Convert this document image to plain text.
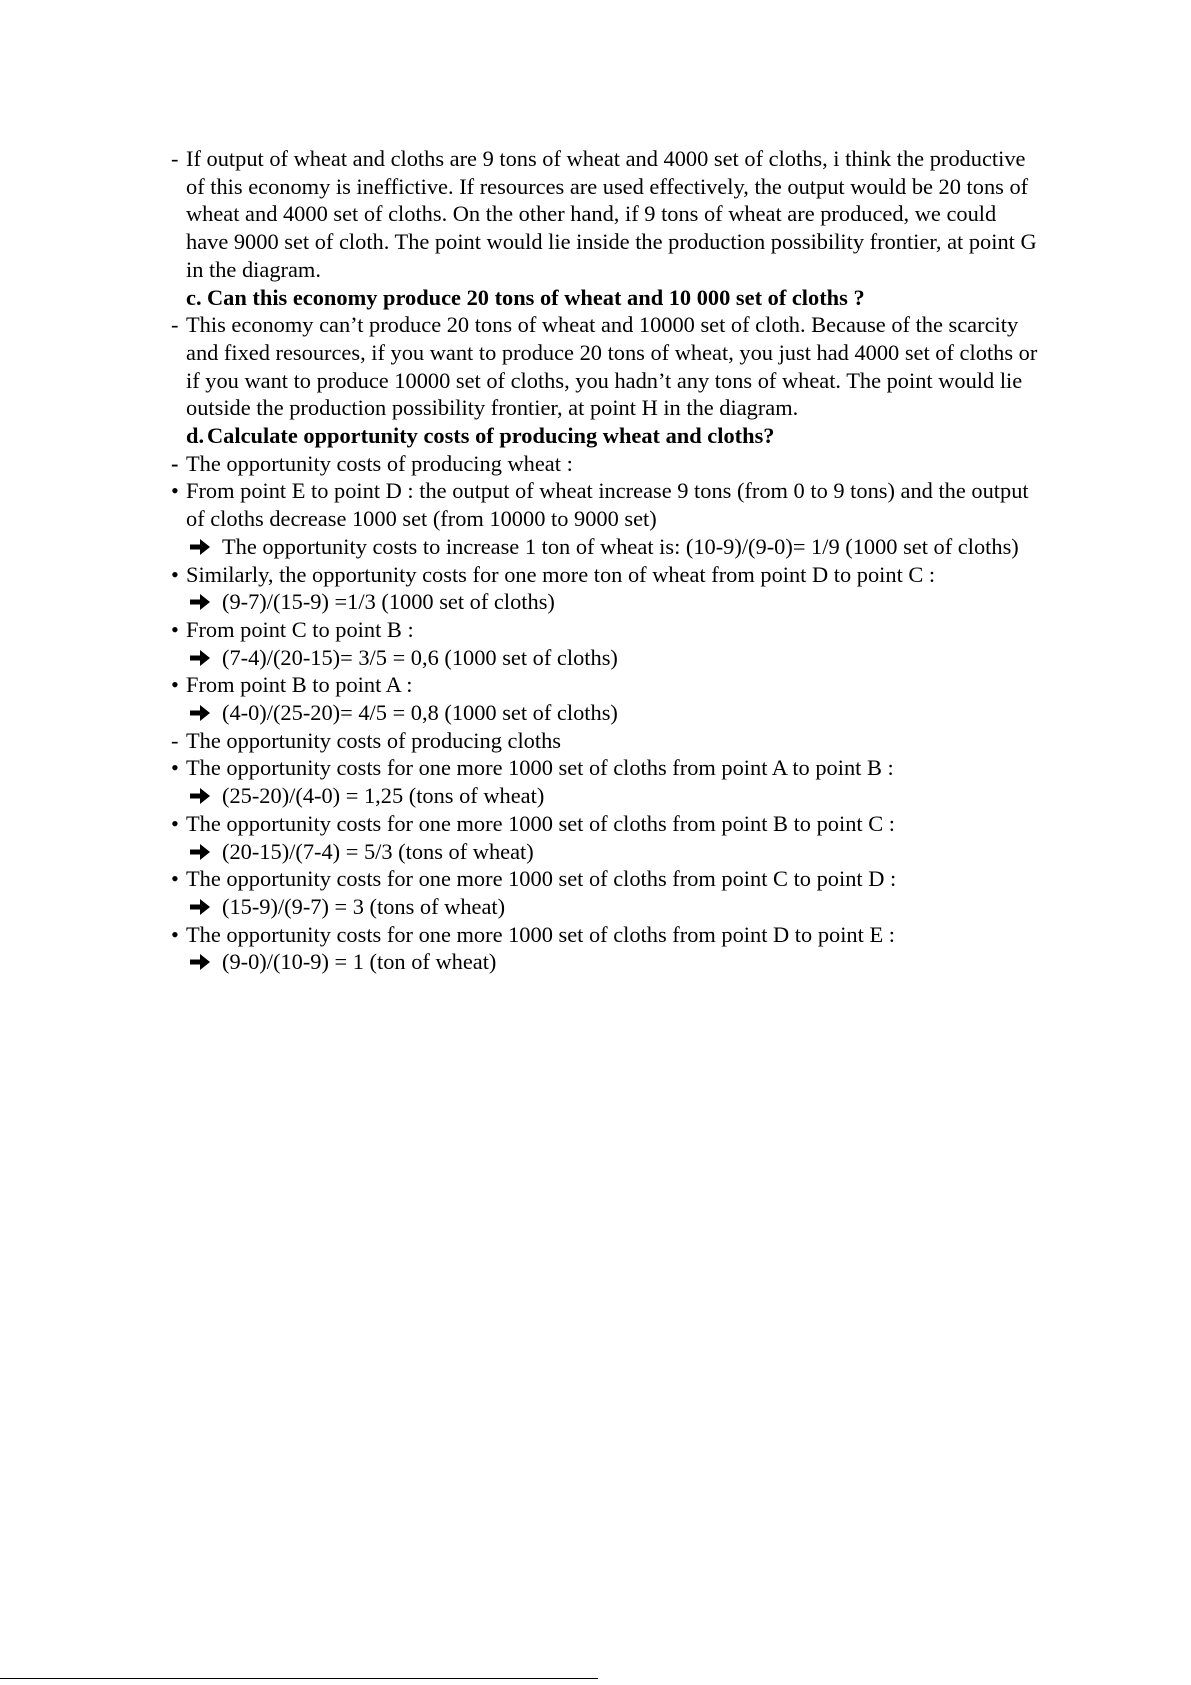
- If output of wheat and cloths are 9 tons of wheat and 4000 set of cloths, i think the productive of this economy is ineffictive. If resources are used effectively, the output would be 20 tons of wheat and 4000 set of cloths. On the other hand, if 9 tons of wheat are produced, we could have 9000 set of cloth. The point would lie inside the production possibility frontier, at point G in the diagram.

c. Can this economy produce 20 tons of wheat and 10 000 set of cloths ?

- This economy can’t produce 20 tons of wheat and 10000 set of cloth. Because of the scarcity and fixed resources, if you want to produce 20 tons of wheat, you just had 4000 set of cloths or if you want to produce 10000 set of cloths, you hadn’t any tons of wheat. The point would lie outside the production possibility frontier, at point H in the diagram.

d. Calculate opportunity costs of producing wheat and cloths?

- The opportunity costs of producing wheat :

• From point E to point D : the output of wheat increase 9 tons (from 0 to 9 tons) and the output of cloths decrease 1000 set (from 10000 to 9000 set)

The opportunity costs to increase 1 ton of wheat is: (10-9)/(9-0)= 1/9 (1000 set of cloths)

• Similarly, the opportunity costs for one more ton of wheat from point D to point C :

(9-7)/(15-9) =1/3 (1000 set of cloths)

• From point C to point B :

(7-4)/(20-15)= 3/5 = 0,6 (1000 set of cloths)

• From point B to point A :

(4-0)/(25-20)= 4/5 = 0,8 (1000 set of cloths)

- The opportunity costs of producing cloths

• The opportunity costs for one more 1000 set of cloths from point A to point B :

(25-20)/(4-0) = 1,25 (tons of wheat)

• The opportunity costs for one more 1000 set of cloths from point B to point C :

(20-15)/(7-4) = 5/3 (tons of wheat)

• The opportunity costs for one more 1000 set of cloths from point C to point D :

(15-9)/(9-7) = 3 (tons of wheat)

• The opportunity costs for one more 1000 set of cloths from point D to point E :

(9-0)/(10-9) = 1 (ton of wheat)
